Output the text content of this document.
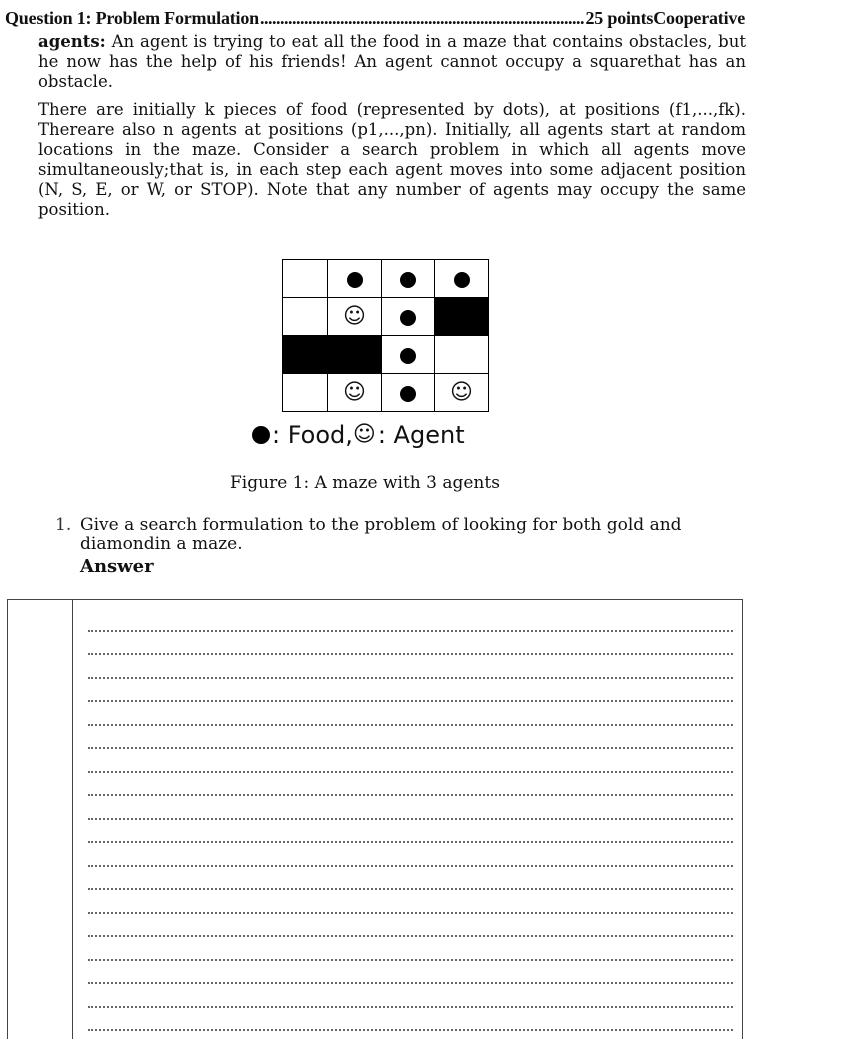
Question 1: Problem Formulation .....	25 points Cooperative

agents: An agent is trying to eat all the food in a maze that contains obstacles, but he now has the help of his friends! An agent cannot occupy a squarethat has an obstacle.

There are initially k pieces of food (represented by dots), at positions (f1,...,fk). Thereare also n agents at positions (p1,...,pn). Initially, all agents start at random locations in the maze. Consider a search problem in which all agents move simultaneously;that is, in each step each agent moves into some adjacent position (N, S, E, or W, or STOP). Note that any number of agents may occupy the same position.

	☺		

	☺		☺
: Food, ☺ : Agent
Figure 1: A maze with 3 agents
1. Give a search formulation to the problem of looking for both gold and diamondin a maze.
Answer
